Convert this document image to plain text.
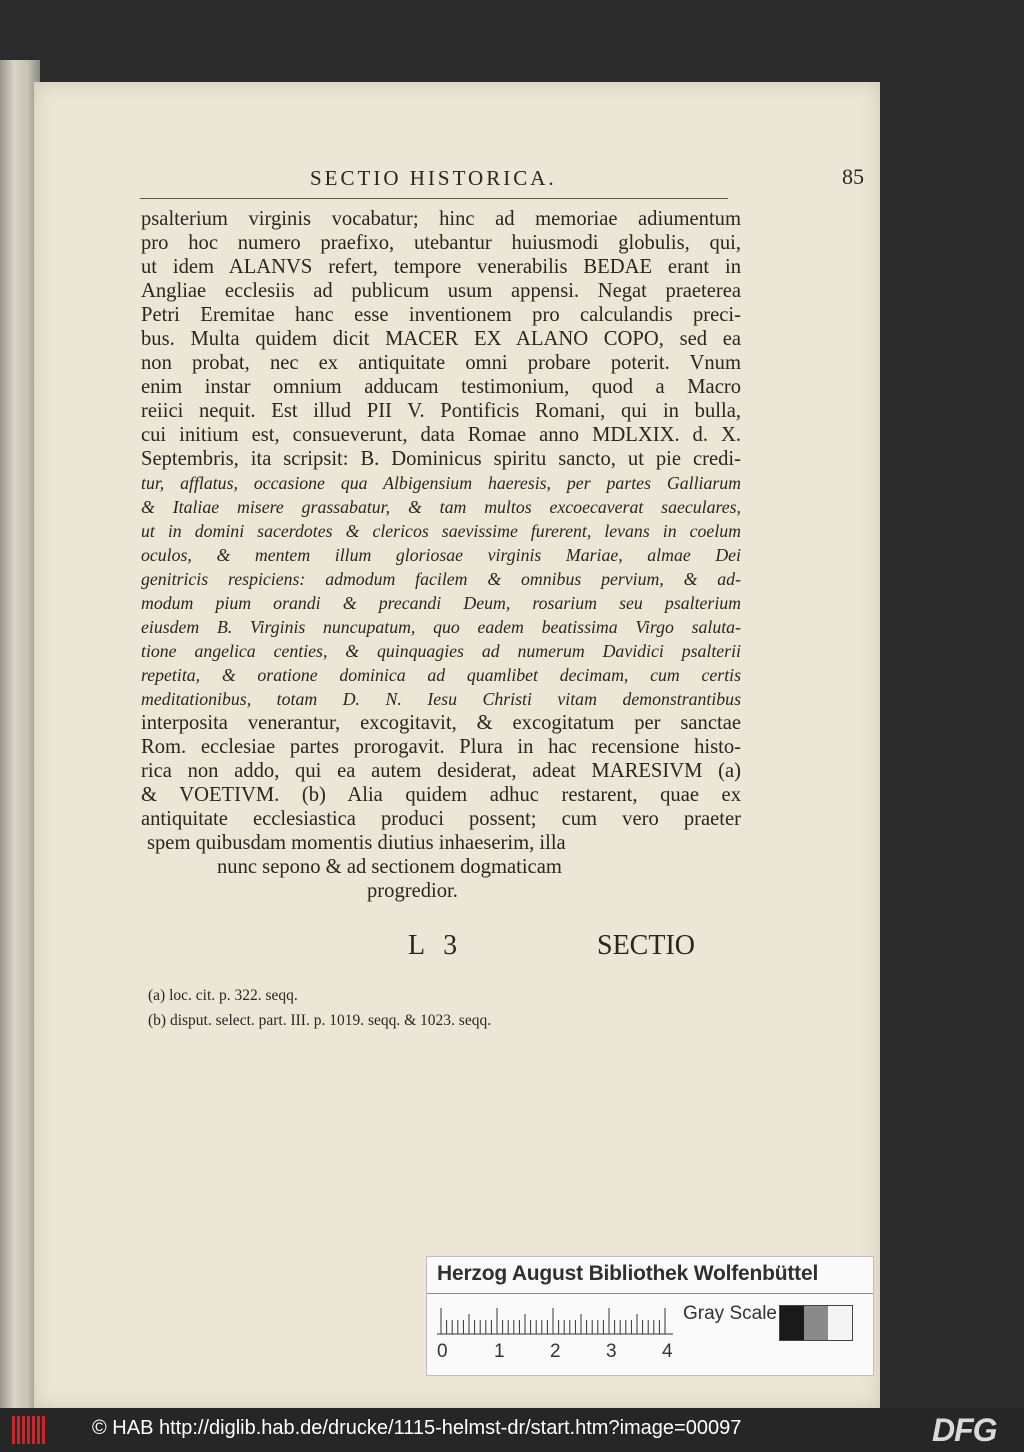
SECTIO HISTORICA.	85
psalterium virginis vocabatur; hinc ad memoriae adiumentum
pro hoc numero praefixo, utebantur huiusmodi globulis, qui,
ut idem ALANVS refert, tempore venerabilis BEDAE erant in
Angliae ecclesiis ad publicum usum appensi. Negat praeterea
Petri Eremitae hanc esse inventionem pro calculandis preci-
bus. Multa quidem dicit MACER EX ALANO COPO, sed ea
non probat, nec ex antiquitate omni probare poterit. Vnum
enim instar omnium adducam testimonium, quod a Macro
reiici nequit. Est illud PII V. Pontificis Romani, qui in bulla,
cui initium est, consueverunt, data Romae anno MDLXIX. d. X.
Septembris, ita scripsit: B. Dominicus spiritu sancto, ut pie credi-
tur, afflatus, occasione qua Albigensium haeresis, per partes Galliarum
& Italiae misere grassabatur, & tam multos excoecaverat saeculares,
ut in domini sacerdotes & clericos saevissime furerent, levans in coelum
oculos, & mentem illum gloriosae virginis Mariae, almae Dei
genitricis respiciens: admodum facilem & omnibus pervium, & ad-
modum pium orandi & precandi Deum, rosarium seu psalterium
eiusdem B. Virginis nuncupatum, quo eadem beatissima Virgo saluta-
tione angelica centies, & quinquagies ad numerum Davidici psalterii
repetita, & oratione dominica ad quamlibet decimam, cum certis
meditationibus, totam D. N. Iesu Christi vitam demonstrantibus
interposita venerantur, excogitavit, & excogitatum per sanctae
Rom. ecclesiae partes prorogavit. Plura in hac recensione histo-
rica non addo, qui ea autem desiderat, adeat MARESIVM (a)
& VOETIVM. (b) Alia quidem adhuc restarent, quae ex
antiquitate ecclesiastica produci possent; cum vero praeter
spem quibusdam momentis diutius inhaeserim, illa
nunc sepono & ad sectionem dogmaticam
progredior.
L 3	SECTIO
(a) loc. cit. p. 322. seqq.
(b) disput. select. part. III. p. 1019. seqq. & 1023. seqq.
Herzog August Bibliothek Wolfenbüttel
0 1 2 3 4
Gray Scale
© HAB http://diglib.hab.de/drucke/1115-helmst-dr/start.htm?image=00097	DFG
